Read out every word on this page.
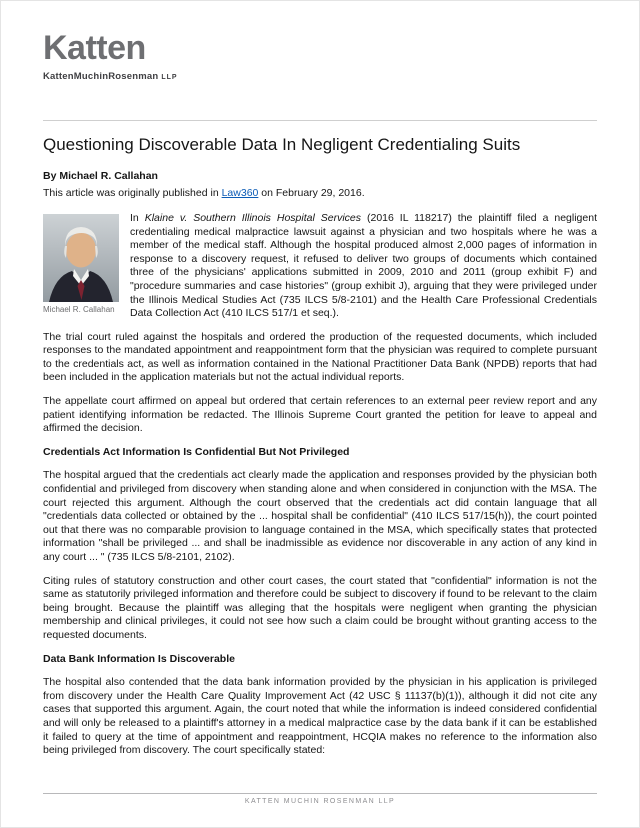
Katten
KattenMuchinRosenman LLP
Questioning Discoverable Data In Negligent Credentialing Suits
By Michael R. Callahan
This article was originally published in Law360 on February 29, 2016.
Michael R. Callahan

In Klaine v. Southern Illinois Hospital Services (2016 IL 118217) the plaintiff filed a negligent credentialing medical malpractice lawsuit against a physician and two hospitals where he was a member of the medical staff. Although the hospital produced almost 2,000 pages of information in response to a discovery request, it refused to deliver two groups of documents which contained three of the physicians' applications submitted in 2009, 2010 and 2011 (group exhibit F) and "procedure summaries and case histories" (group exhibit J), arguing that they were privileged under the Illinois Medical Studies Act (735 ILCS 5/8-2101) and the Health Care Professional Credentials Data Collection Act (410 ILCS 517/1 et seq.).

The trial court ruled against the hospitals and ordered the production of the requested documents, which included responses to the mandated appointment and reappointment form that the physician was required to complete pursuant to the credentials act, as well as information contained in the National Practitioner Data Bank (NPDB) reports that had been included in the application materials but not the actual individual reports.

The appellate court affirmed on appeal but ordered that certain references to an external peer review report and any patient identifying information be redacted. The Illinois Supreme Court granted the petition for leave to appeal and affirmed the decision.

Credentials Act Information Is Confidential But Not Privileged

The hospital argued that the credentials act clearly made the application and responses provided by the physician both confidential and privileged from discovery when standing alone and when considered in conjunction with the MSA. The court rejected this argument. Although the court observed that the credentials act did contain language that all "credentials data collected or obtained by the ... hospital shall be confidential" (410 ILCS 517/15(h)), the court pointed out that there was no comparable provision to language contained in the MSA, which specifically states that protected information "shall be privileged ... and shall be inadmissible as evidence nor discoverable in any action of any kind in any court ... " (735 ILCS 5/8-2101, 2102).

Citing rules of statutory construction and other court cases, the court stated that "confidential" information is not the same as statutorily privileged information and therefore could be subject to discovery if found to be relevant to the claim being brought. Because the plaintiff was alleging that the hospitals were negligent when granting the physician membership and clinical privileges, it could not see how such a claim could be brought without granting access to the requested documents.

Data Bank Information Is Discoverable

The hospital also contended that the data bank information provided by the physician in his application is privileged from discovery under the Health Care Quality Improvement Act (42 USC § 11137(b)(1)), although it did not cite any cases that supported this argument. Again, the court noted that while the information is indeed considered confidential and will only be released to a plaintiff's attorney in a medical malpractice case by the data bank if it can be established it failed to query at the time of appointment and reappointment, HCQIA makes no reference to the information also being privileged from discovery. The court specifically stated:

KATTEN MUCHIN ROSENMAN LLP
